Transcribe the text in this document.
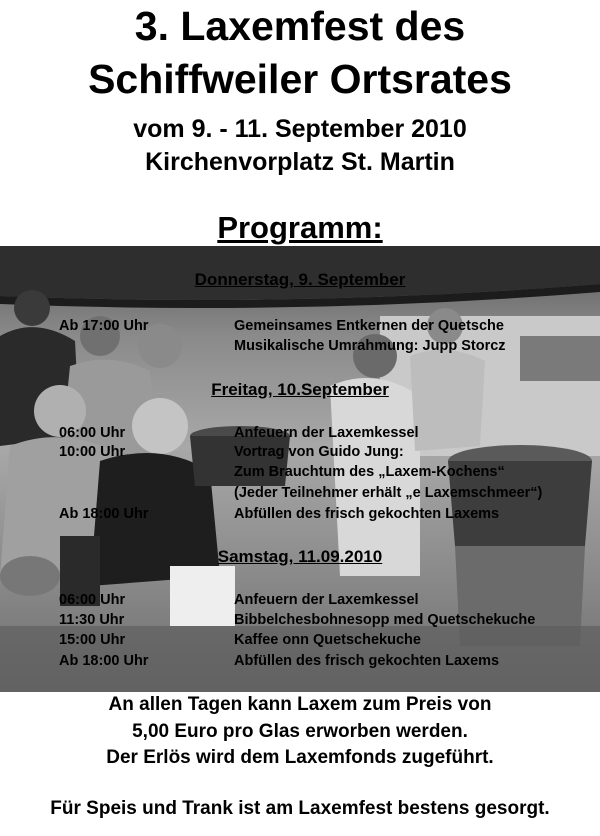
3. Laxemfest des
Schiffweiler Ortsrates
vom 9. - 11. September 2010
Kirchenvorplatz St. Martin
Programm:
Donnerstag, 9. September
Ab 17:00 Uhr	Gemeinsames Entkernen der Quetsche
Musikalische Umrahmung: Jupp Storcz
Freitag, 10.September
06:00 Uhr	Anfeuern der Laxemkessel
10:00 Uhr	Vortrag von Guido Jung:
Zum Brauchtum des „Laxem-Kochens“
(Jeder Teilnehmer erhält „e Laxemschmeer“)
Ab 18:00 Uhr	Abfüllen des frisch gekochten Laxems
Samstag, 11.09.2010
06:00 Uhr	Anfeuern der Laxemkessel
11:30 Uhr	Bibbelchesbohnesopp med Quetschekuche
15:00 Uhr	Kaffee onn Quetschekuche
Ab 18:00 Uhr	Abfüllen des frisch gekochten Laxems
An allen Tagen kann Laxem zum Preis von
5,00 Euro pro Glas erworben werden.
Der Erlös wird dem Laxemfonds zugeführt.
Für Speis und Trank ist am Laxemfest bestens gesorgt.
